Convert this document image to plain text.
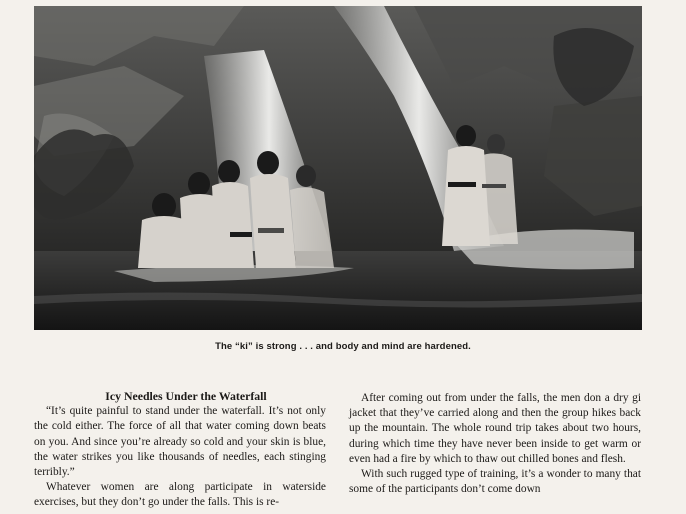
The “ki” is strong . . . and body and mind are hardened.

Icy Needles Under the Waterfall

“It’s quite painful to stand under the waterfall. It’s not only the cold either. The force of all that water coming down beats on you. And since you’re already so cold and your skin is blue, the water strikes you like thousands of needles, each stinging terribly.”

Whatever women are along participate in waterside exercises, but they don’t go under the falls. This is re-

After coming out from under the falls, the men don a dry gi jacket that they’ve carried along and then the group hikes back up the mountain. The whole round trip takes about two hours, during which time they have never been inside to get warm or even had a fire by which to thaw out chilled bones and flesh.

With such rugged type of training, it’s a wonder to many that some of the participants don’t come down
